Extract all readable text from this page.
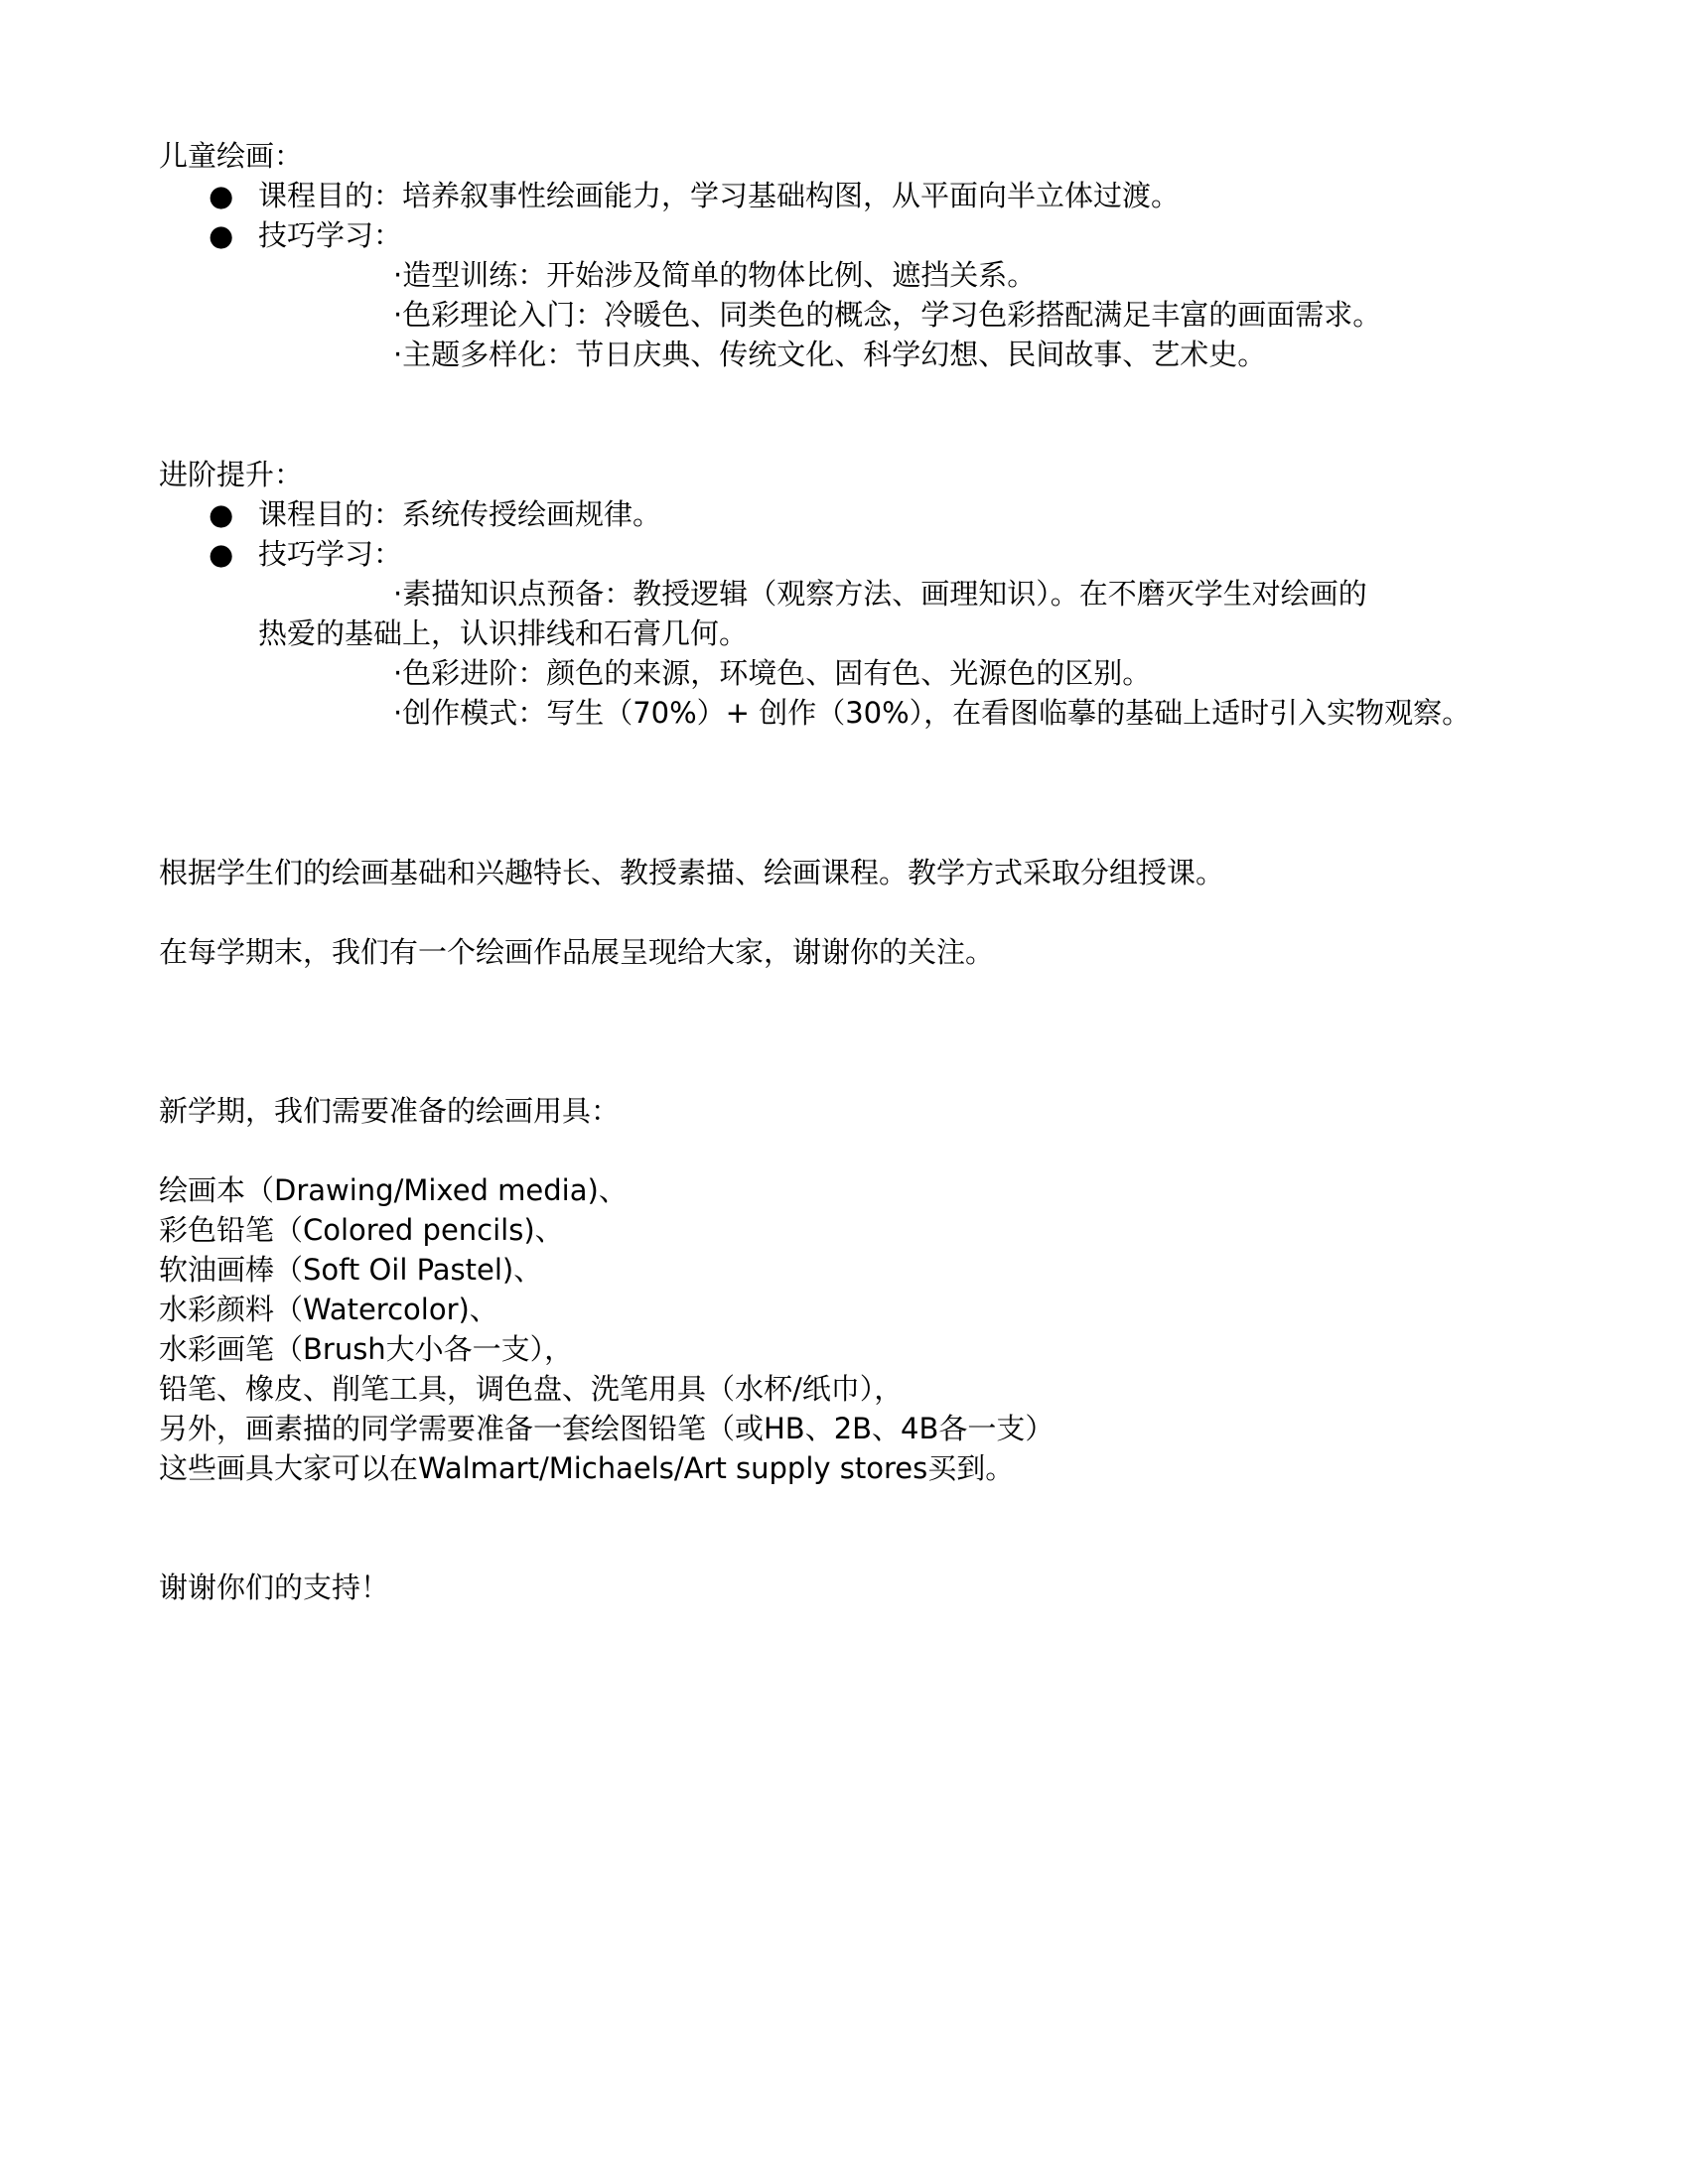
儿童绘画：
● 课程目的：培养叙事性绘画能力，学习基础构图，从平面向半立体过渡。
● 技巧学习：
·造型训练：开始涉及简单的物体比例、遮挡关系。
·色彩理论入门：冷暖色、同类色的概念，学习色彩搭配满足丰富的画面需求。
·主题多样化：节日庆典、传统文化、科学幻想、民间故事、艺术史。
进阶提升：
● 课程目的：系统传授绘画规律。
● 技巧学习：
·素描知识点预备：教授逻辑（观察方法、画理知识）。在不磨灭学生对绘画的
热爱的基础上，认识排线和石膏几何。
·色彩进阶：颜色的来源，环境色、固有色、光源色的区别。
·创作模式：写生（70%）+ 创作（30%），在看图临摹的基础上适时引入实物观察。
根据学生们的绘画基础和兴趣特长、教授素描、绘画课程。教学方式采取分组授课。
在每学期末，我们有一个绘画作品展呈现给大家，谢谢你的关注。
新学期，我们需要准备的绘画用具：
绘画本（Drawing/Mixed media)、
彩色铅笔（Colored pencils)、
软油画棒（Soft Oil Pastel)、
水彩颜料（Watercolor)、
水彩画笔（Brush大小各一支），
铅笔、橡皮、削笔工具，调色盘、洗笔用具（水杯/纸巾），
另外，画素描的同学需要准备一套绘图铅笔（或HB、2B、4B各一支）
这些画具大家可以在Walmart/Michaels/Art supply stores买到。
谢谢你们的支持！
